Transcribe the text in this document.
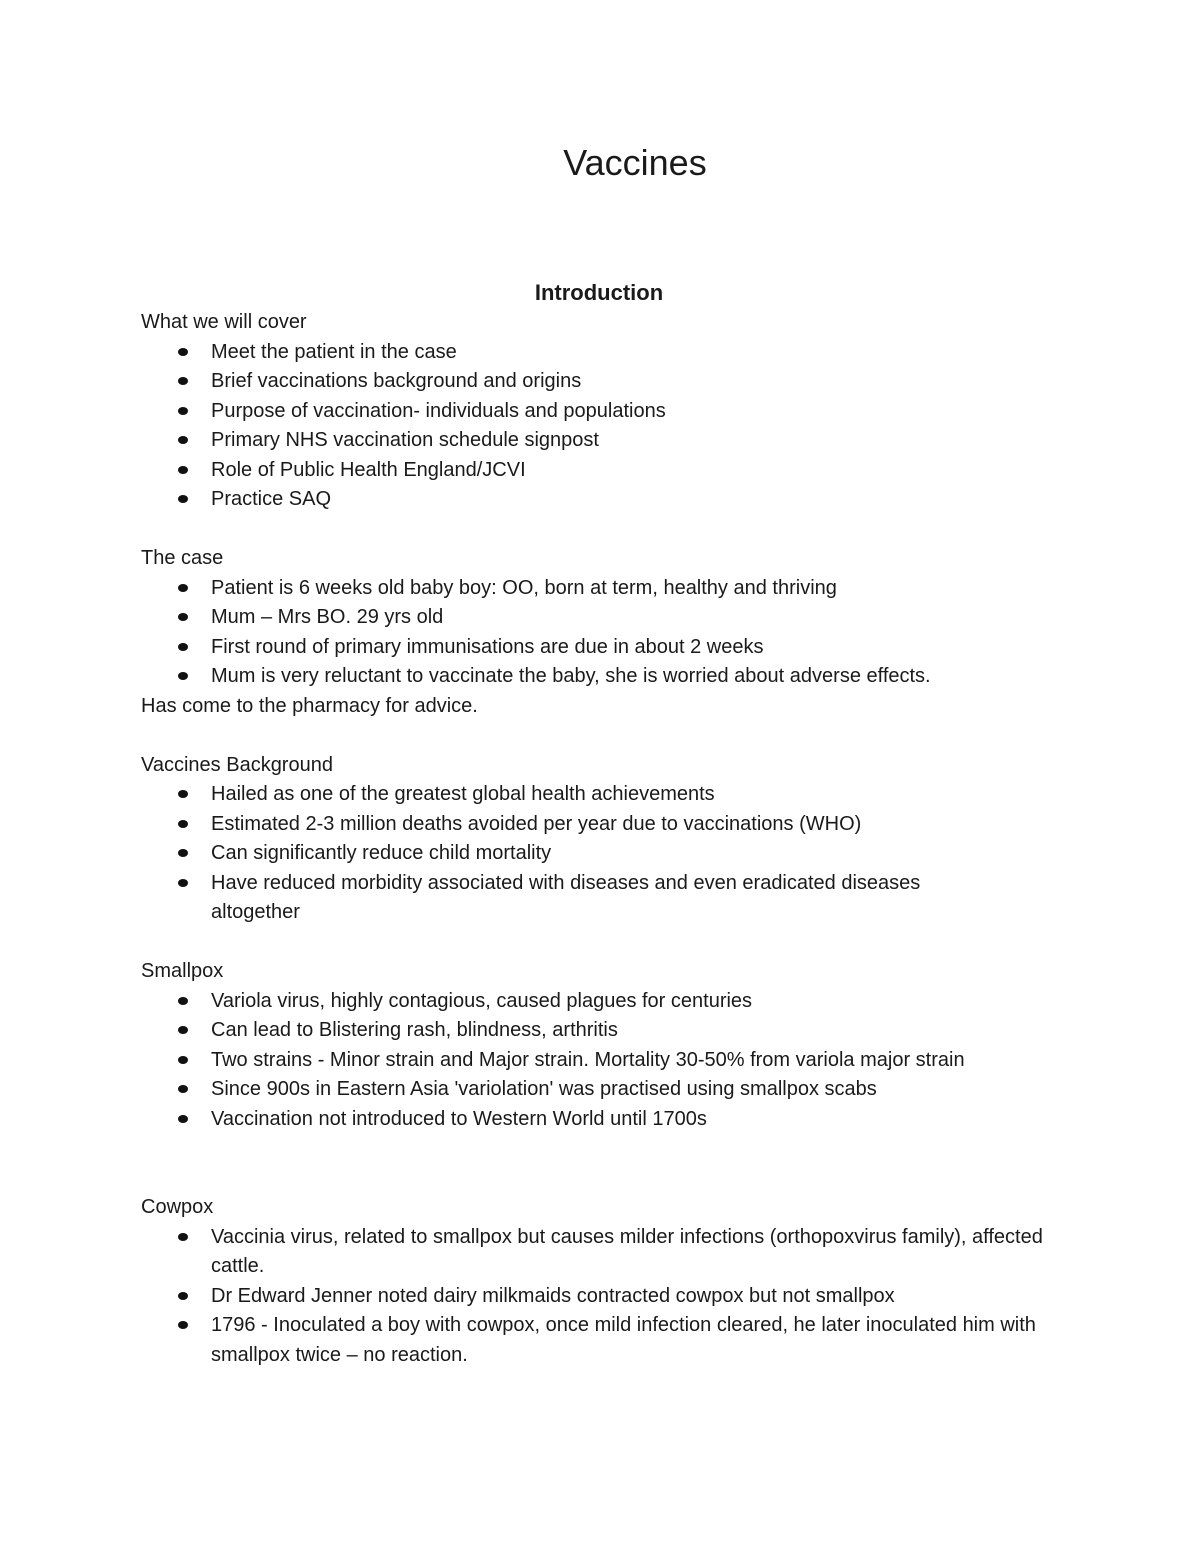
Vaccines
Introduction

What we will cover

Meet the patient in the case
Brief vaccinations background and origins
Purpose of vaccination- individuals and populations
Primary NHS vaccination schedule signpost
Role of Public Health England/JCVI
Practice SAQ

The case

Patient is 6 weeks old baby boy: OO, born at term, healthy and thriving
Mum – Mrs BO. 29 yrs old
First round of primary immunisations are due in about 2 weeks
Mum is very reluctant to vaccinate the baby, she is worried about adverse effects.

Has come to the pharmacy for advice.

Vaccines Background

Hailed as one of the greatest global health achievements
Estimated 2-3 million deaths avoided per year due to vaccinations (WHO)
Can significantly reduce child mortality
Have reduced morbidity associated with diseases and even eradicated diseases altogether

Smallpox

Variola virus, highly contagious, caused plagues for centuries
Can lead to Blistering rash, blindness, arthritis
Two strains - Minor strain and Major strain. Mortality 30-50% from variola major strain
Since 900s in Eastern Asia 'variolation' was practised using smallpox scabs
Vaccination not introduced to Western World until 1700s

Cowpox

Vaccinia virus, related to smallpox but causes milder infections (orthopoxvirus family), affected cattle.
Dr Edward Jenner noted dairy milkmaids contracted cowpox but not smallpox
1796 - Inoculated a boy with cowpox, once mild infection cleared, he later inoculated him with smallpox twice – no reaction.
